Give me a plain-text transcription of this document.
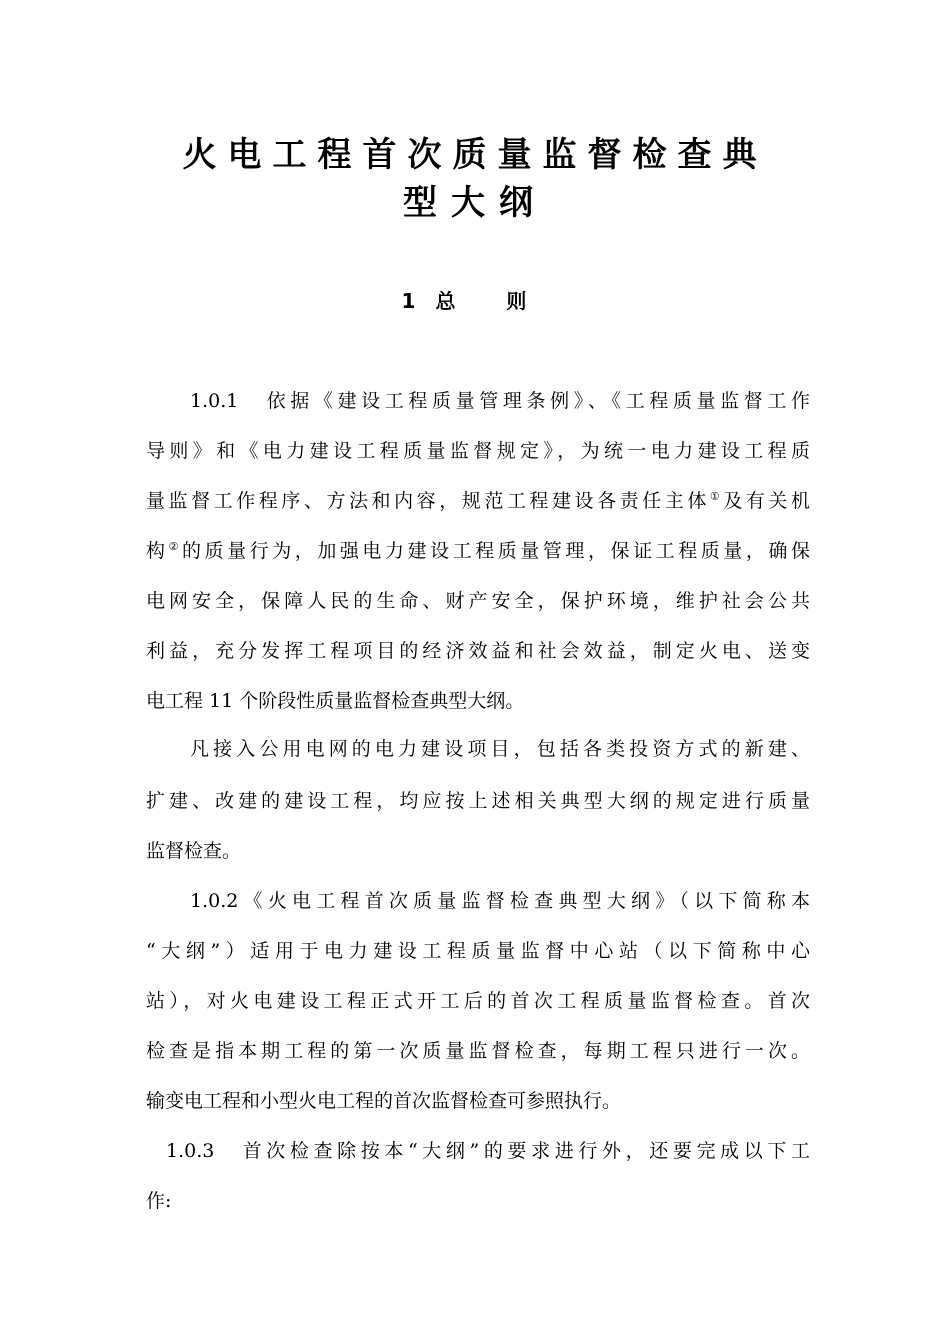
火电工程首次质量监督检查典
型大纲
1 总 则

1.0.1　依据《建设工程质量管理条例》、《工程质量监督工作

导则》和《电力建设工程质量监督规定》，为统一电力建设工程质

量监督工作程序、方法和内容，规范工程建设各责任主体①及有关机

构②的质量行为，加强电力建设工程质量管理，保证工程质量，确保

电网安全，保障人民的生命、财产安全，保护环境，维护社会公共

利益，充分发挥工程项目的经济效益和社会效益，制定火电、送变

电工程 11 个阶段性质量监督检查典型大纲。

凡接入公用电网的电力建设项目，包括各类投资方式的新建、

扩建、改建的建设工程，均应按上述相关典型大纲的规定进行质量

监督检查。

1.0.2《火电工程首次质量监督检查典型大纲》（以下简称本

“大纲”）适用于电力建设工程质量监督中心站（以下简称中心

站），对火电建设工程正式开工后的首次工程质量监督检查。首次

检查是指本期工程的第一次质量监督检查，每期工程只进行一次。

输变电工程和小型火电工程的首次监督检查可参照执行。

1.0.3　首次检查除按本“大纲”的要求进行外，还要完成以下工

作:
